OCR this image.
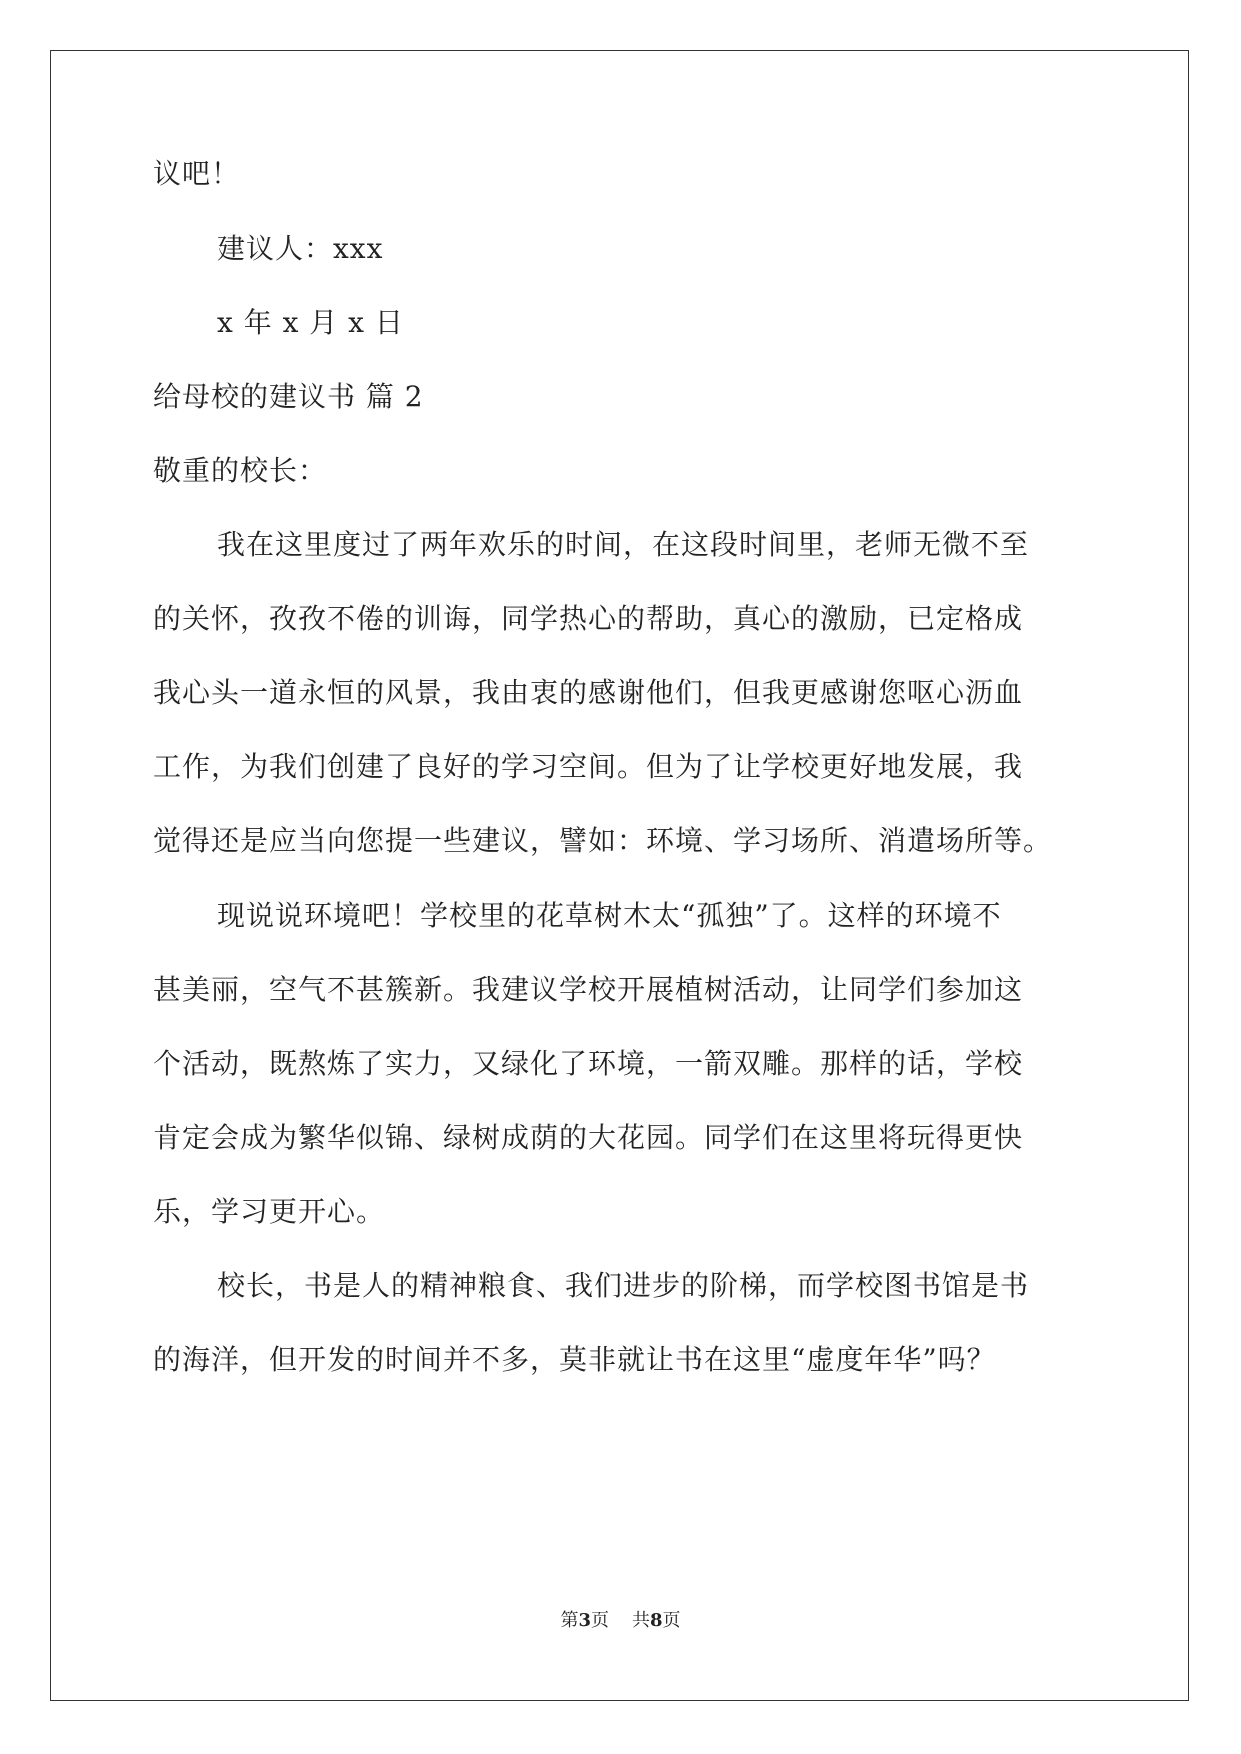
议吧！
建议人：xxx
x 年 x 月 x 日
给母校的建议书 篇 2
敬重的校长：
我在这里度过了两年欢乐的时间，在这段时间里，老师无微不至
的关怀，孜孜不倦的训诲，同学热心的帮助，真心的激励，已定格成
我心头一道永恒的风景，我由衷的感谢他们，但我更感谢您呕心沥血
工作，为我们创建了良好的学习空间。但为了让学校更好地发展，我
觉得还是应当向您提一些建议，譬如：环境、学习场所、消遣场所等。
现说说环境吧！学校里的花草树木太“孤独”了。这样的环境不
甚美丽，空气不甚簇新。我建议学校开展植树活动，让同学们参加这
个活动，既熬炼了实力，又绿化了环境，一箭双雕。那样的话，学校
肯定会成为繁华似锦、绿树成荫的大花园。同学们在这里将玩得更快
乐，学习更开心。
校长，书是人的精神粮食、我们进步的阶梯，而学校图书馆是书
的海洋，但开发的时间并不多，莫非就让书在这里“虚度年华”吗？
第3页 共8页
